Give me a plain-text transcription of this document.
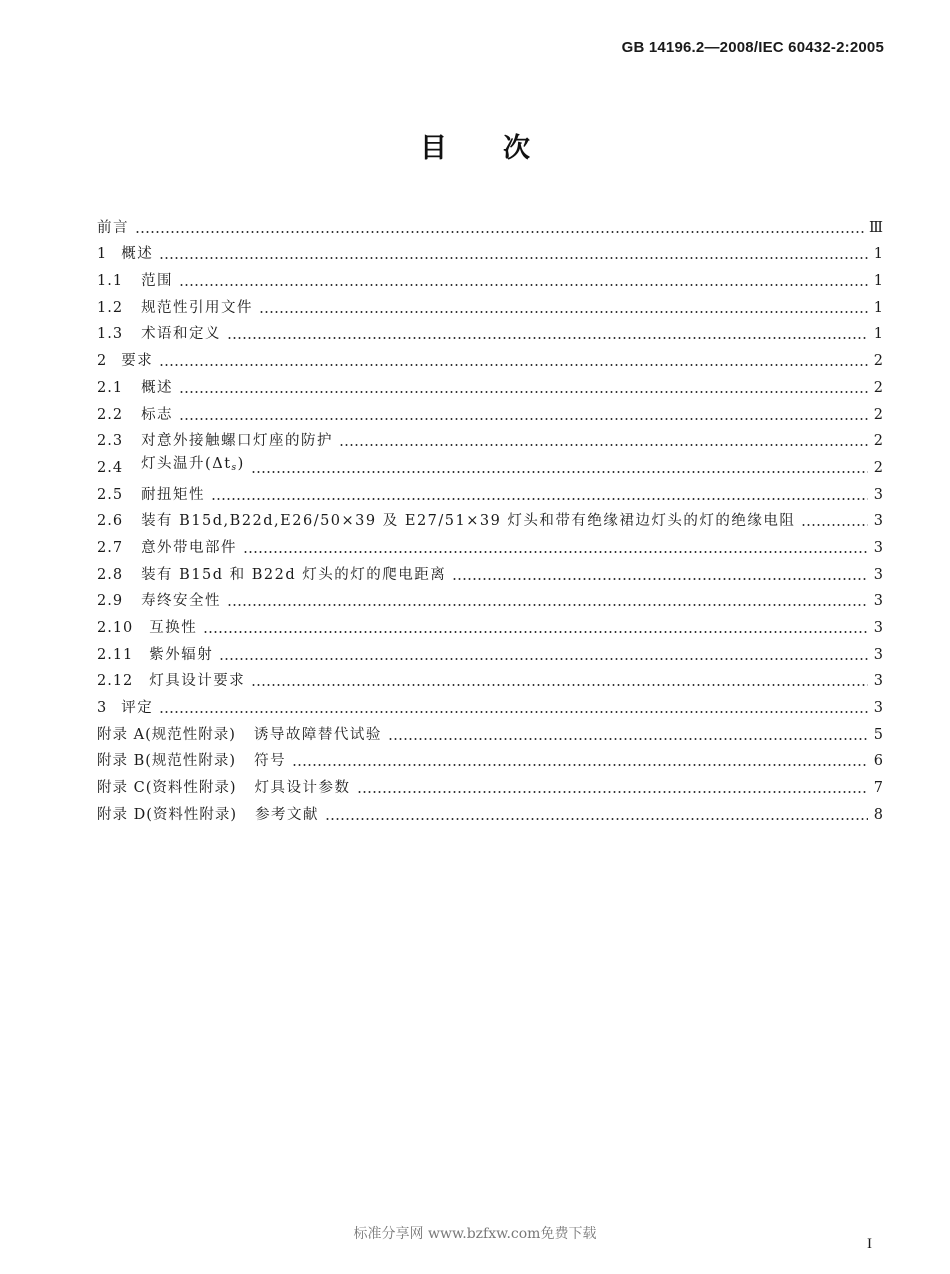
GB 14196.2—2008/IEC 60432-2:2005
目次
前言	Ⅲ
1 概述	1
1.1 范围	1
1.2 规范性引用文件	1
1.3 术语和定义	1
2 要求	2
2.1 概述	2
2.2 标志	2
2.3 对意外接触螺口灯座的防护	2
2.4 灯头温升$(\Delta t_s)$	2
2.5 耐扭矩性	3
2.6 装有 B15d,B22d,E26/50×39 及 E27/51×39 灯头和带有绝缘裙边灯头的灯的绝缘电阻	3
2.7 意外带电部件	3
2.8 装有 B15d 和 B22d 灯头的灯的爬电距离	3
2.9 寿终安全性	3
2.10 互换性	3
2.11 紫外辐射	3
2.12 灯具设计要求	3
3 评定	3
附录 A(规范性附录) 诱导故障替代试验	5
附录 B(规范性附录) 符号	6
附录 C(资料性附录) 灯具设计参数	7
附录 D(资料性附录) 参考文献	8
标准分享网 www.bzfxw.com免费下载
I
